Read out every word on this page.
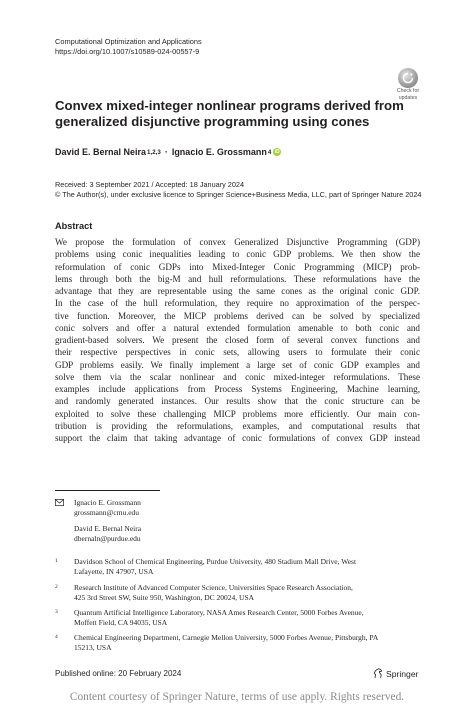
Computational Optimization and Applications
https://doi.org/10.1007/s10589-024-00557-9
Check for
updates
Convex mixed-integer nonlinear programs derived from
generalized disjunctive programming using cones
David E. Bernal Neira 1,2,3 · Ignacio E. Grossmann 4 iD
Received: 3 September 2021 / Accepted: 18 January 2024
© The Author(s), under exclusive licence to Springer Science+Business Media, LLC, part of Springer Nature 2024
Abstract
We propose the formulation of convex Generalized Disjunctive Programming (GDP)
problems using conic inequalities leading to conic GDP problems. We then show the
reformulation of conic GDPs into Mixed-Integer Conic Programming (MICP) prob-
lems through both the big-M and hull reformulations. These reformulations have the
advantage that they are representable using the same cones as the original conic GDP.
In the case of the hull reformulation, they require no approximation of the perspec-
tive function. Moreover, the MICP problems derived can be solved by specialized
conic solvers and offer a natural extended formulation amenable to both conic and
gradient-based solvers. We present the closed form of several convex functions and
their respective perspectives in conic sets, allowing users to formulate their conic
GDP problems easily. We finally implement a large set of conic GDP examples and
solve them via the scalar nonlinear and conic mixed-integer reformulations. These
examples include applications from Process Systems Engineering, Machine learning,
and randomly generated instances. Our results show that the conic structure can be
exploited to solve these challenging MICP problems more efficiently. Our main con-
tribution is providing the reformulations, examples, and computational results that
support the claim that taking advantage of conic formulations of convex GDP instead
Ignacio E. Grossmann
grossmann@cmu.edu
David E. Bernal Neira
dbernaln@purdue.edu
1 Davidson School of Chemical Engineering, Purdue University, 480 Stadium Mall Drive, West
Lafayette, IN 47907, USA
2 Research Institute of Advanced Computer Science, Universities Space Research Association,
425 3rd Street SW, Suite 950, Washington, DC 20024, USA
3 Quantum Artificial Intelligence Laboratory, NASA Ames Research Center, 5000 Forbes Avenue,
Moffett Field, CA 94035, USA
4 Chemical Engineering Department, Carnegie Mellon University, 5000 Forbes Avenue, Pittsburgh, PA
15213, USA
Published online: 20 February 2024	Springer
Content courtesy of Springer Nature, terms of use apply. Rights reserved.
